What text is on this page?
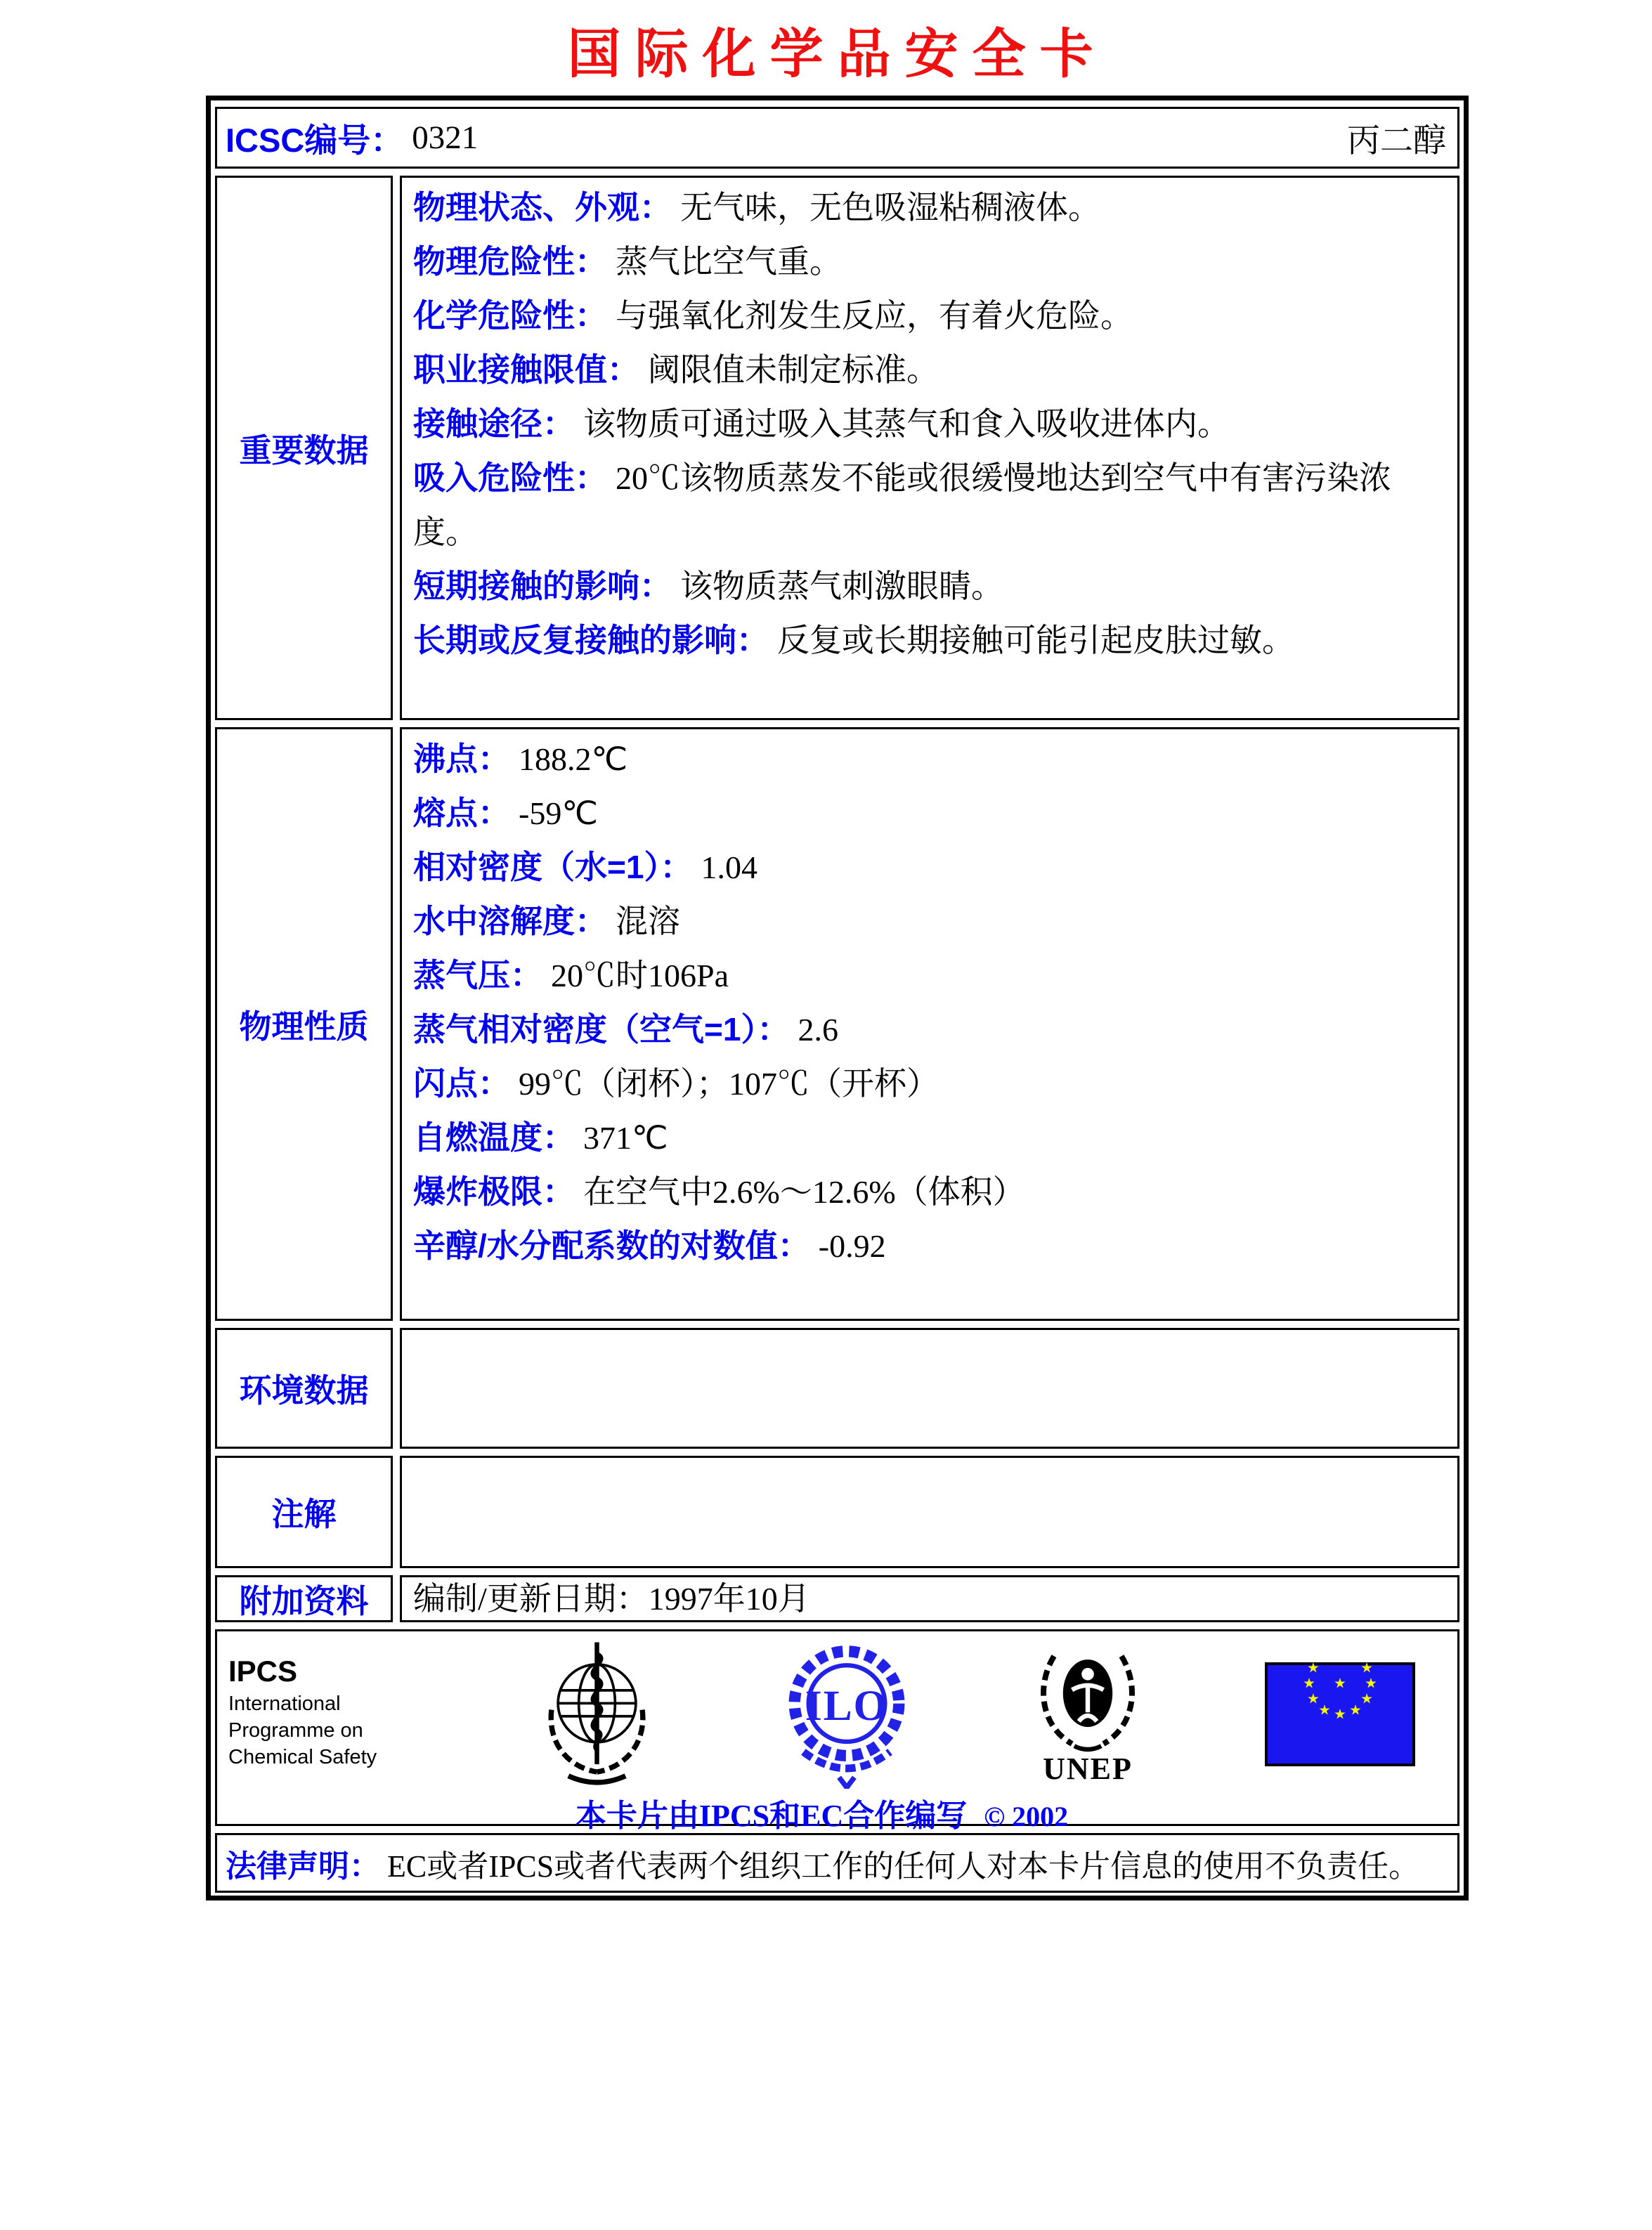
国际化学品安全卡
ICSC编号： 0321	丙二醇
重要数据
物理状态、外观： 无气味，无色吸湿粘稠液体。
物理危险性： 蒸气比空气重。
化学危险性： 与强氧化剂发生反应，有着火危险。
职业接触限值： 阈限值未制定标准。
接触途径： 该物质可通过吸入其蒸气和食入吸收进体内。
吸入危险性： 20℃该物质蒸发不能或很缓慢地达到空气中有害污染浓度。
短期接触的影响： 该物质蒸气刺激眼睛。
长期或反复接触的影响： 反复或长期接触可能引起皮肤过敏。
物理性质
沸点： 188.2℃
熔点： -59℃
相对密度（水=1）： 1.04
水中溶解度： 混溶
蒸气压： 20℃时106Pa
蒸气相对密度（空气=1）： 2.6
闪点： 99℃（闭杯）；107℃（开杯）
自燃温度： 371℃
爆炸极限： 在空气中2.6%～12.6%（体积）
辛醇/水分配系数的对数值： -0.92
环境数据
注解
附加资料	编制/更新日期：1997年10月
IPCS
International
Programme on
Chemical Safety
ILO
UNEP
本卡片由IPCS和EC合作编写 © 2002
法律声明： EC或者IPCS或者代表两个组织工作的任何人对本卡片信息的使用不负责任。
